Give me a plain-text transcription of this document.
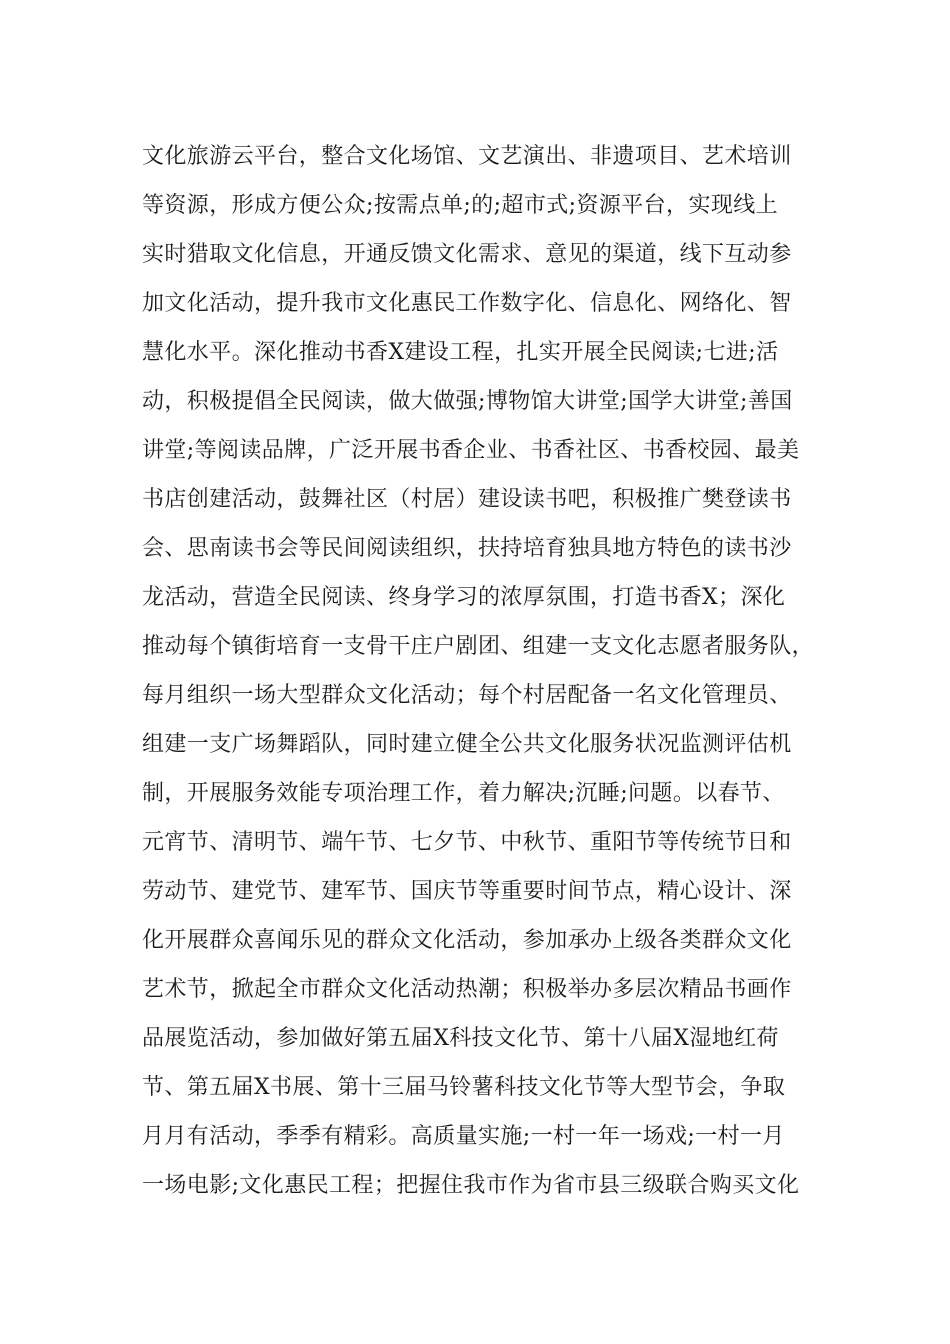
文化旅游云平台，整合文化场馆、文艺演出、非遗项目、艺术培训
等资源，形成方便公众;按需点单;的;超市式;资源平台，实现线上
实时猎取文化信息，开通反馈文化需求、意见的渠道，线下互动参
加文化活动，提升我市文化惠民工作数字化、信息化、网络化、智
慧化水平。深化推动书香X建设工程，扎实开展全民阅读;七进;活
动，积极提倡全民阅读，做大做强;博物馆大讲堂;国学大讲堂;善国
讲堂;等阅读品牌，广泛开展书香企业、书香社区、书香校园、最美
书店创建活动，鼓舞社区（村居）建设读书吧，积极推广樊登读书
会、思南读书会等民间阅读组织，扶持培育独具地方特色的读书沙
龙活动，营造全民阅读、终身学习的浓厚氛围，打造书香X；深化
推动每个镇街培育一支骨干庄户剧团、组建一支文化志愿者服务队，
每月组织一场大型群众文化活动；每个村居配备一名文化管理员、
组建一支广场舞蹈队，同时建立健全公共文化服务状况监测评估机
制，开展服务效能专项治理工作，着力解决;沉睡;问题。以春节、
元宵节、清明节、端午节、七夕节、中秋节、重阳节等传统节日和
劳动节、建党节、建军节、国庆节等重要时间节点，精心设计、深
化开展群众喜闻乐见的群众文化活动，参加承办上级各类群众文化
艺术节，掀起全市群众文化活动热潮；积极举办多层次精品书画作
品展览活动，参加做好第五届X科技文化节、第十八届X湿地红荷
节、第五届X书展、第十三届马铃薯科技文化节等大型节会，争取
月月有活动，季季有精彩。高质量实施;一村一年一场戏;一村一月
一场电影;文化惠民工程；把握住我市作为省市县三级联合购买文化
